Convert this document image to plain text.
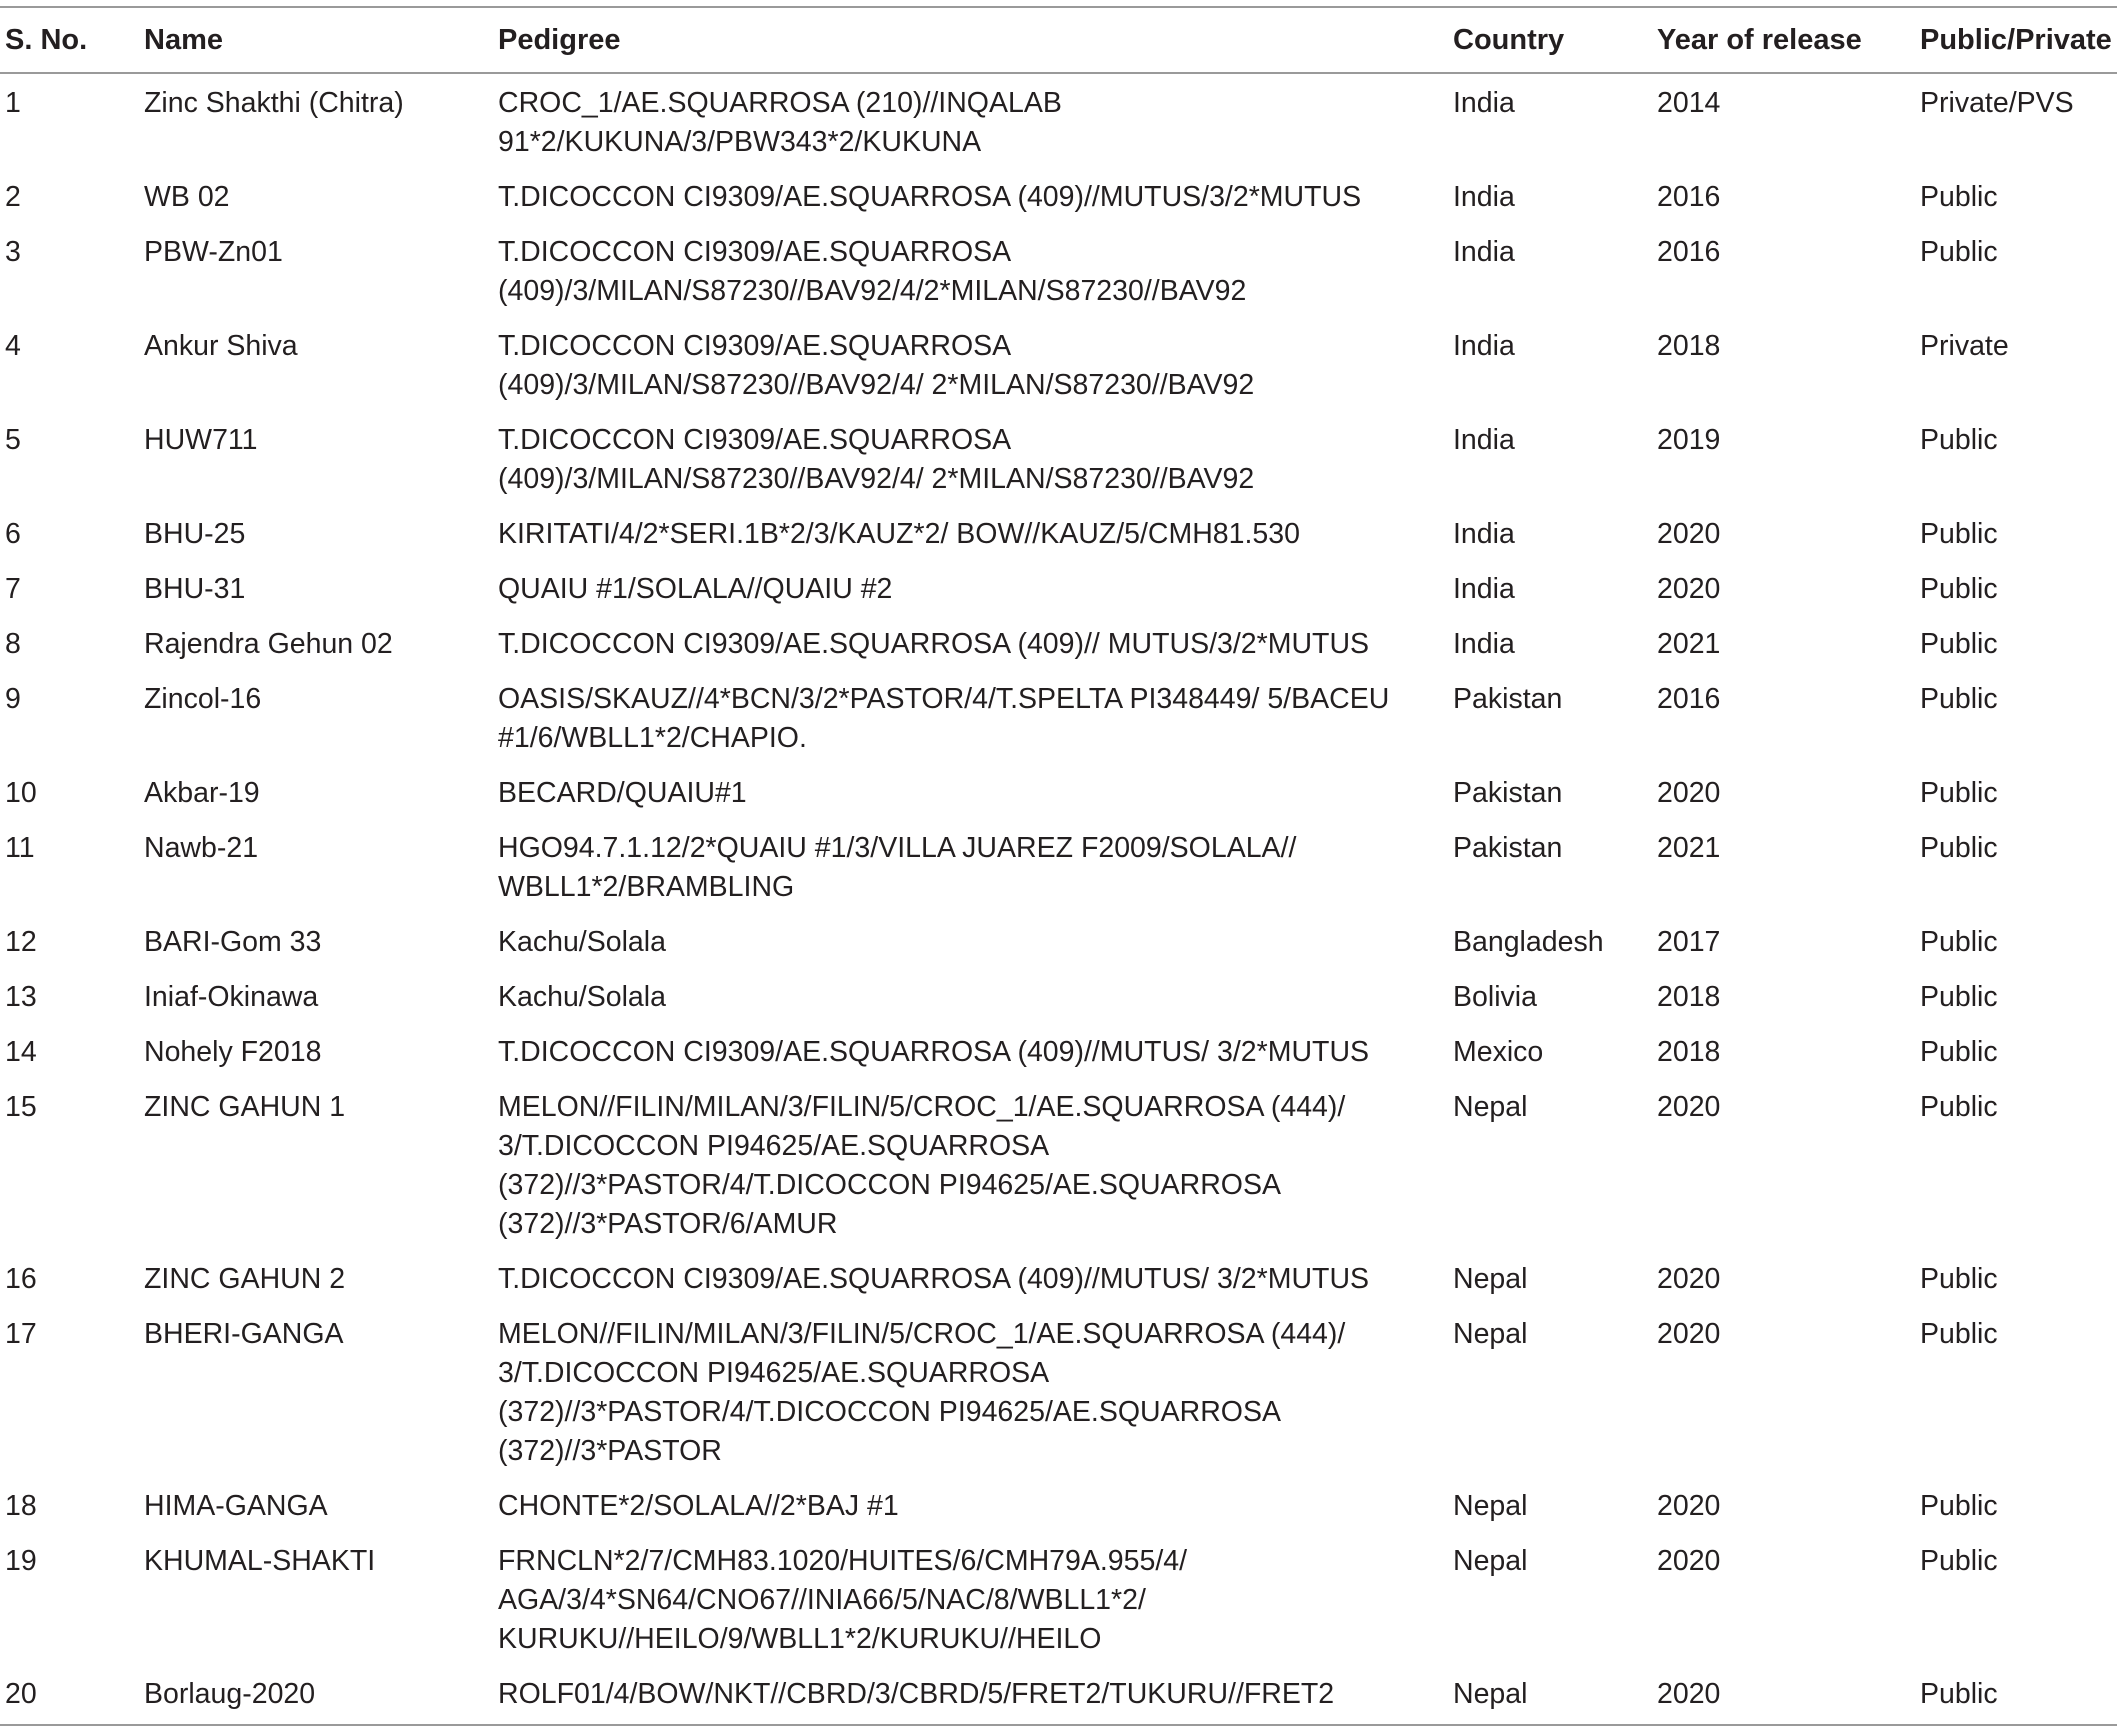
S. No.	Name	Pedigree	Country	Year of release	Public/Private
1	Zinc Shakthi (Chitra)	CROC_1/AE.SQUARROSA (210)//INQALAB
91*2/KUKUNA/3/PBW343*2/KUKUNA	India	2014	Private/PVS
2	WB 02	T.DICOCCON CI9309/AE.SQUARROSA (409)//MUTUS/3/2*MUTUS	India	2016	Public
3	PBW-Zn01	T.DICOCCON CI9309/AE.SQUARROSA
(409)/3/MILAN/S87230//BAV92/4/2*MILAN/S87230//BAV92	India	2016	Public
4	Ankur Shiva	T.DICOCCON CI9309/AE.SQUARROSA
(409)/3/MILAN/S87230//BAV92/4/ 2*MILAN/S87230//BAV92	India	2018	Private
5	HUW711	T.DICOCCON CI9309/AE.SQUARROSA
(409)/3/MILAN/S87230//BAV92/4/ 2*MILAN/S87230//BAV92	India	2019	Public
6	BHU-25	KIRITATI/4/2*SERI.1B*2/3/KAUZ*2/ BOW//KAUZ/5/CMH81.530	India	2020	Public
7	BHU-31	QUAIU #1/SOLALA//QUAIU #2	India	2020	Public
8	Rajendra Gehun 02	T.DICOCCON CI9309/AE.SQUARROSA (409)// MUTUS/3/2*MUTUS	India	2021	Public
9	Zincol-16	OASIS/SKAUZ//4*BCN/3/2*PASTOR/4/T.SPELTA PI348449/ 5/BACEU
#1/6/WBLL1*2/CHAPIO.	Pakistan	2016	Public
10	Akbar-19	BECARD/QUAIU#1	Pakistan	2020	Public
11	Nawb-21	HGO94.7.1.12/2*QUAIU #1/3/VILLA JUAREZ F2009/SOLALA//
WBLL1*2/BRAMBLING	Pakistan	2021	Public
12	BARI-Gom 33	Kachu/Solala	Bangladesh	2017	Public
13	Iniaf-Okinawa	Kachu/Solala	Bolivia	2018	Public
14	Nohely F2018	T.DICOCCON CI9309/AE.SQUARROSA (409)//MUTUS/ 3/2*MUTUS	Mexico	2018	Public
15	ZINC GAHUN 1	MELON//FILIN/MILAN/3/FILIN/5/CROC_1/AE.SQUARROSA (444)/
3/T.DICOCCON PI94625/AE.SQUARROSA
(372)//3*PASTOR/4/T.DICOCCON PI94625/AE.SQUARROSA
(372)//3*PASTOR/6/AMUR	Nepal	2020	Public
16	ZINC GAHUN 2	T.DICOCCON CI9309/AE.SQUARROSA (409)//MUTUS/ 3/2*MUTUS	Nepal	2020	Public
17	BHERI-GANGA	MELON//FILIN/MILAN/3/FILIN/5/CROC_1/AE.SQUARROSA (444)/
3/T.DICOCCON PI94625/AE.SQUARROSA
(372)//3*PASTOR/4/T.DICOCCON PI94625/AE.SQUARROSA
(372)//3*PASTOR	Nepal	2020	Public
18	HIMA-GANGA	CHONTE*2/SOLALA//2*BAJ #1	Nepal	2020	Public
19	KHUMAL-SHAKTI	FRNCLN*2/7/CMH83.1020/HUITES/6/CMH79A.955/4/
AGA/3/4*SN64/CNO67//INIA66/5/NAC/8/WBLL1*2/
KURUKU//HEILO/9/WBLL1*2/KURUKU//HEILO	Nepal	2020	Public
20	Borlaug-2020	ROLF01/4/BOW/NKT//CBRD/3/CBRD/5/FRET2/TUKURU//FRET2	Nepal	2020	Public
